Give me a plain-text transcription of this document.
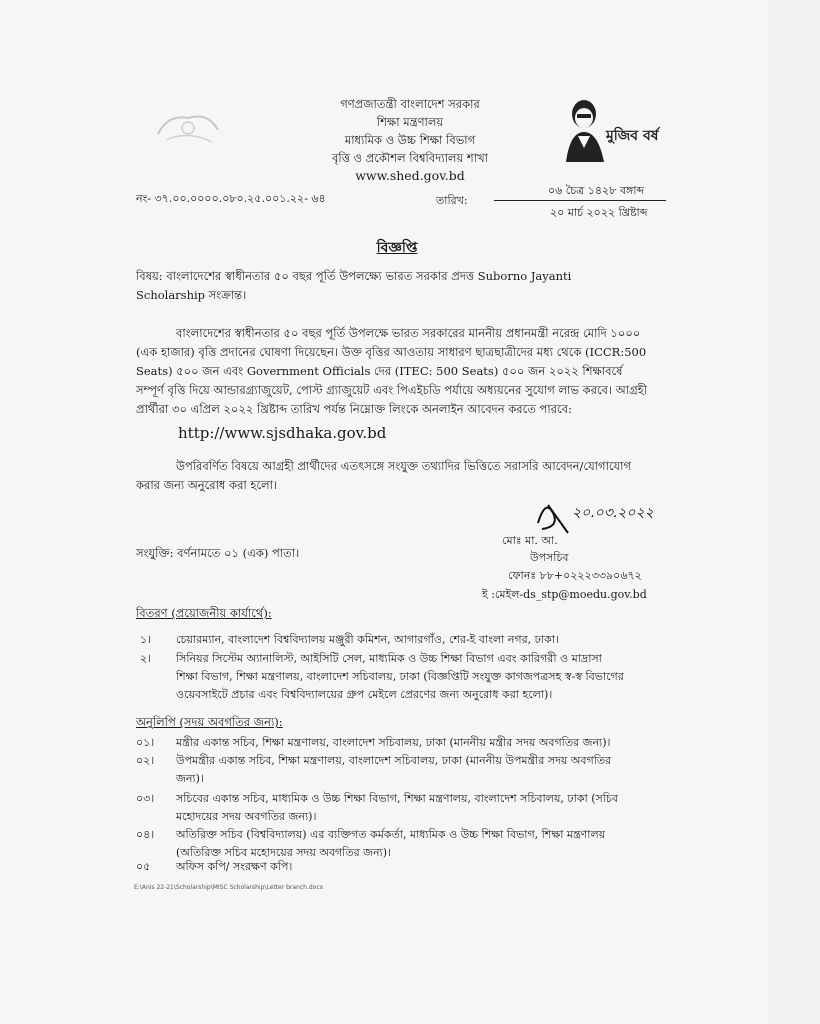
গণপ্রজাতন্ত্রী বাংলাদেশ সরকার
শিক্ষা মন্ত্রণালয়
মাধ্যমিক ও উচ্চ শিক্ষা বিভাগ
বৃত্তি ও প্রকৌশল বিশ্ববিদ্যালয় শাখা
www.shed.gov.bd
মুজিব বর্ষ
নং- ৩৭.০০.০০০০.০৮০.২৫.০০১.২২- ৬৪	তারিখ:
০৬ চৈত্র ১৪২৮ বঙ্গাব্দ
২০ মার্চ ২০২২ খ্রিষ্টাব্দ
বিজ্ঞপ্তি
বিষয়: বাংলাদেশের স্বাধীনতার ৫০ বছর পূর্তি উপলক্ষ্যে ভারত সরকার প্রদত্ত Suborno Jayanti
Scholarship সংক্রান্ত।
বাংলাদেশের স্বাধীনতার ৫০ বছর পূর্তি উপলক্ষে ভারত সরকারের মাননীয় প্রধানমন্ত্রী নরেন্দ্র মোদি ১০০০
(এক হাজার) বৃত্তি প্রদানের ঘোষণা দিয়েছেন। উক্ত বৃত্তির আওতায় সাধারণ ছাত্রছাত্রীদের মধ্য থেকে (ICCR:500
Seats) ৫০০ জন এবং Government Officials দের (ITEC: 500 Seats) ৫০০ জন ২০২২ শিক্ষাবর্ষে
সম্পূর্ণ বৃত্তি দিয়ে আন্ডারগ্র্যাজুয়েট, পোস্ট গ্র্যাজুয়েট এবং পিএইচডি পর্যায়ে অধ্যয়নের সুযোগ লাভ করবে। আগ্রহী
প্রার্থীরা ৩০ এপ্রিল ২০২২ খ্রিষ্টাব্দ তারিখ পর্যন্ত নিম্নোক্ত লিংকে অনলাইন আবেদন করতে পারবে:
http://www.sjsdhaka.gov.bd
উপরিবর্ণিত বিষয়ে আগ্রহী প্রার্থীদের এতৎসঙ্গে সংযুক্ত তথ্যাদির ভিত্তিতে সরাসরি আবেদন/যোগাযোগ
করার জন্য অনুরোধ করা হলো।
২০.০৩.২০২২
মোঃ মা. আ.
উপসচিব
ফোনঃ ৮৮+০২২২৩৩৯০৬৭২
ই :মেইল-ds_stp@moedu.gov.bd
সংযুক্তি: বর্ণনামতে ০১ (এক) পাতা।
বিতরণ (প্রয়োজনীয় কার্যার্থে):
১। চেয়ারম্যান, বাংলাদেশ বিশ্ববিদ্যালয় মঞ্জুরী কমিশন, আগারগাঁও, শের-ই বাংলা নগর, ঢাকা।
২। সিনিয়র সিস্টেম অ্যানালিস্ট, আইসিটি সেল, মাধ্যমিক ও উচ্চ শিক্ষা বিভাগ এবং কারিগরী ও মাদ্রাসা
শিক্ষা বিভাগ, শিক্ষা মন্ত্রণালয়, বাংলাদেশ সচিবালয়, ঢাকা (বিজ্ঞপ্তিটি সংযুক্ত কাগজপত্রসহ স্ব-স্ব বিভাগের
ওয়েবসাইটে প্রচার এবং বিশ্ববিদ্যালয়ের গ্রুপ মেইলে প্রেরণের জন্য অনুরোধ করা হলো)।
অনুলিপি (সদয় অবগতির জন্য):
০১। মন্ত্রীর একান্ত সচিব, শিক্ষা মন্ত্রণালয়, বাংলাদেশ সচিবালয়, ঢাকা (মাননীয় মন্ত্রীর সদয় অবগতির জন্য)।
০২। উপমন্ত্রীর একান্ত সচিব, শিক্ষা মন্ত্রণালয়, বাংলাদেশ সচিবালয়, ঢাকা (মাননীয় উপমন্ত্রীর সদয় অবগতির
জন্য)।
০৩। সচিবের একান্ত সচিব, মাধ্যমিক ও উচ্চ শিক্ষা বিভাগ, শিক্ষা মন্ত্রণালয়, বাংলাদেশ সচিবালয়, ঢাকা (সচিব
মহোদয়ের সদয় অবগতির জন্য)।
০৪। অতিরিক্ত সচিব (বিশ্ববিদ্যালয়) এর ব্যক্তিগত কর্মকর্তা, মাধ্যমিক ও উচ্চ শিক্ষা বিভাগ, শিক্ষা মন্ত্রণালয়
(অতিরিক্ত সচিব মহোদয়ের সদয় অবগতির জন্য)।
০৫ অফিস কপি/ সংরক্ষণ কপি।
E:\Anis 22-21\Scholarship\MISC Scholarship\Letter branch.docx
